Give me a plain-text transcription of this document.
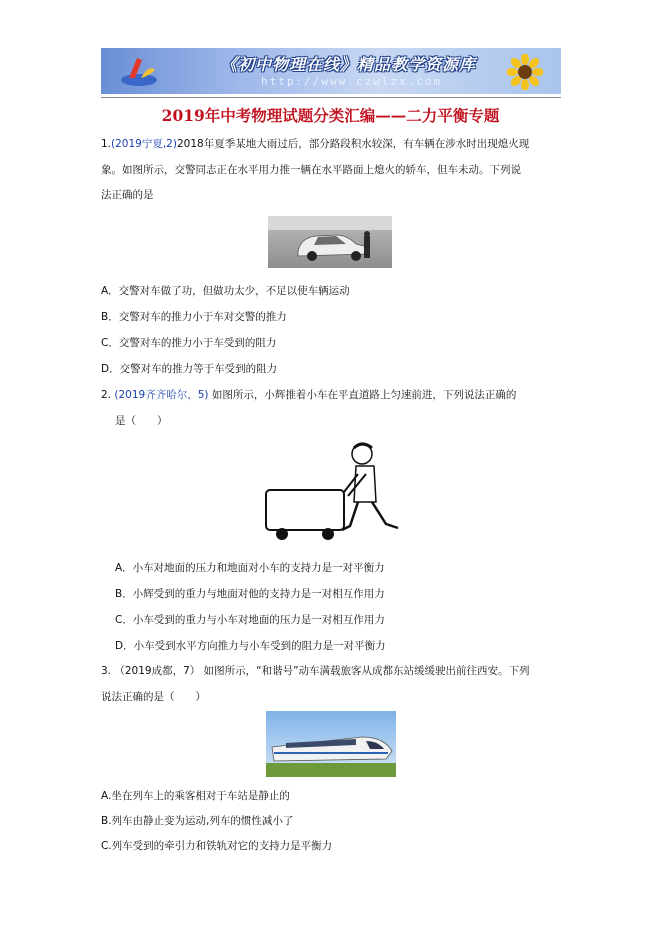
《初中物理在线》精品教学资源库
http://www.czwlzx.com
2019年中考物理试题分类汇编——二力平衡专题
1.(2019宁夏,2)2018年夏季某地大雨过后，部分路段积水较深，有车辆在涉水时出现熄火现
象。如图所示，交警同志正在水平用力推一辆在水平路面上熄火的轿车，但车未动。下列说
法正确的是
A．交警对车做了功，但做功太少，不足以使车辆运动
B．交警对车的推力小于车对交警的推力
C．交警对车的推力小于车受到的阻力
D．交警对车的推力等于车受到的阻力
2. (2019齐齐哈尔，5) 如图所示，小辉推着小车在平直道路上匀速前进，下列说法正确的
是（　　）
A．小车对地面的压力和地面对小车的支持力是一对平衡力
B．小辉受到的重力与地面对他的支持力是一对相互作用力
C．小车受到的重力与小车对地面的压力是一对相互作用力
D．小车受到水平方向推力与小车受到的阻力是一对平衡力
3. （2019成都，7） 如图所示，“和谐号”动车满载旅客从成都东站缓缓驶出前往西安。下列
说法正确的是（　　）
A.坐在列车上的乘客相对于车站是静止的
B.列车由静止变为运动,列车的惯性减小了
C.列车受到的牵引力和铁轨对它的支持力是平衡力
